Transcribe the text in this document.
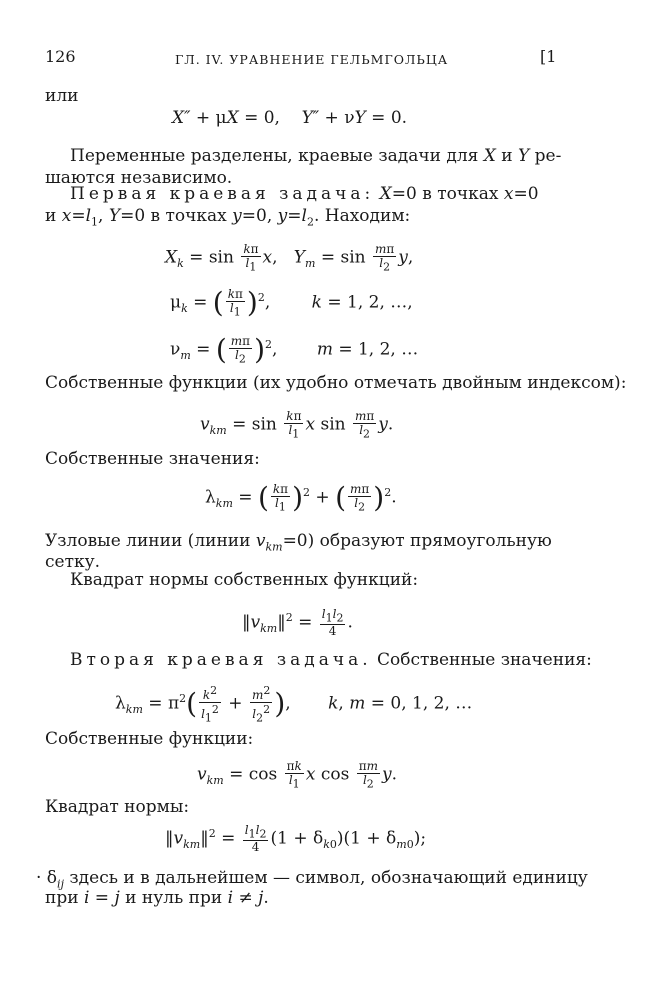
126	ГЛ. IV. УРАВНЕНИЕ ГЕЛЬМГОЛЬЦА	[1
или
X″ + μX = 0,    Y″ + νY = 0.
Переменные разделены, краевые задачи для X и Y ре-
шаются независимо.
Первая краевая задача: X=0 в точках x=0
и $x=l_1$, Y=0 в точках y=0, $y=l_2$. Находим:
$X_k = \sin \frac{k\pi}{l_1} x$,   $Y_m = \sin \frac{m\pi}{l_2} y$,
$\mu_k$ = ( $\frac{k\pi}{l_1} )^2$, k = 1, 2, …,
$\nu_m$ = ( $\frac{m\pi}{l_2} )^2$, m = 1, 2, …
Собственные функции (их удобно отмечать двойным индексом):
$v_{km} = \sin \frac{k\pi}{l_1}$ x $\sin \frac{m\pi}{l_2} y$.
Собственные значения:
$\lambda_{km}$ = ( $\frac{k\pi}{l_1} )^2$ + ( $\frac{m\pi}{l_2} )^2$.
Узловые линии (линии $v_{km}=0$) образуют прямоугольную
сетку.
Квадрат нормы собственных функций:
$‖v_{km}‖^2 = \frac{l_1l_2}{4}$ .
Вторая краевая задача. Собственные значения:
$\lambda_{km} = \pi^2( \frac{k^2}{l_1^2} + \frac{m^2}{l_2^2}$ ), k, m = 0, 1, 2, …
Собственные функции:
$v_{km} = \cos \frac{\pi k}{l_1}$ x $\cos \frac{\pi m}{l_2} y$.
Квадрат нормы:
$‖v_{km}‖^2 = \frac{l_1l_2}{4} (1 + \delta_{k0})(1 + \delta_{m0})$;
· $\delta_{ij}$ здесь и в дальнейшем — символ, обозначающий единицу
при i = j и нуль при i ≠ j.
